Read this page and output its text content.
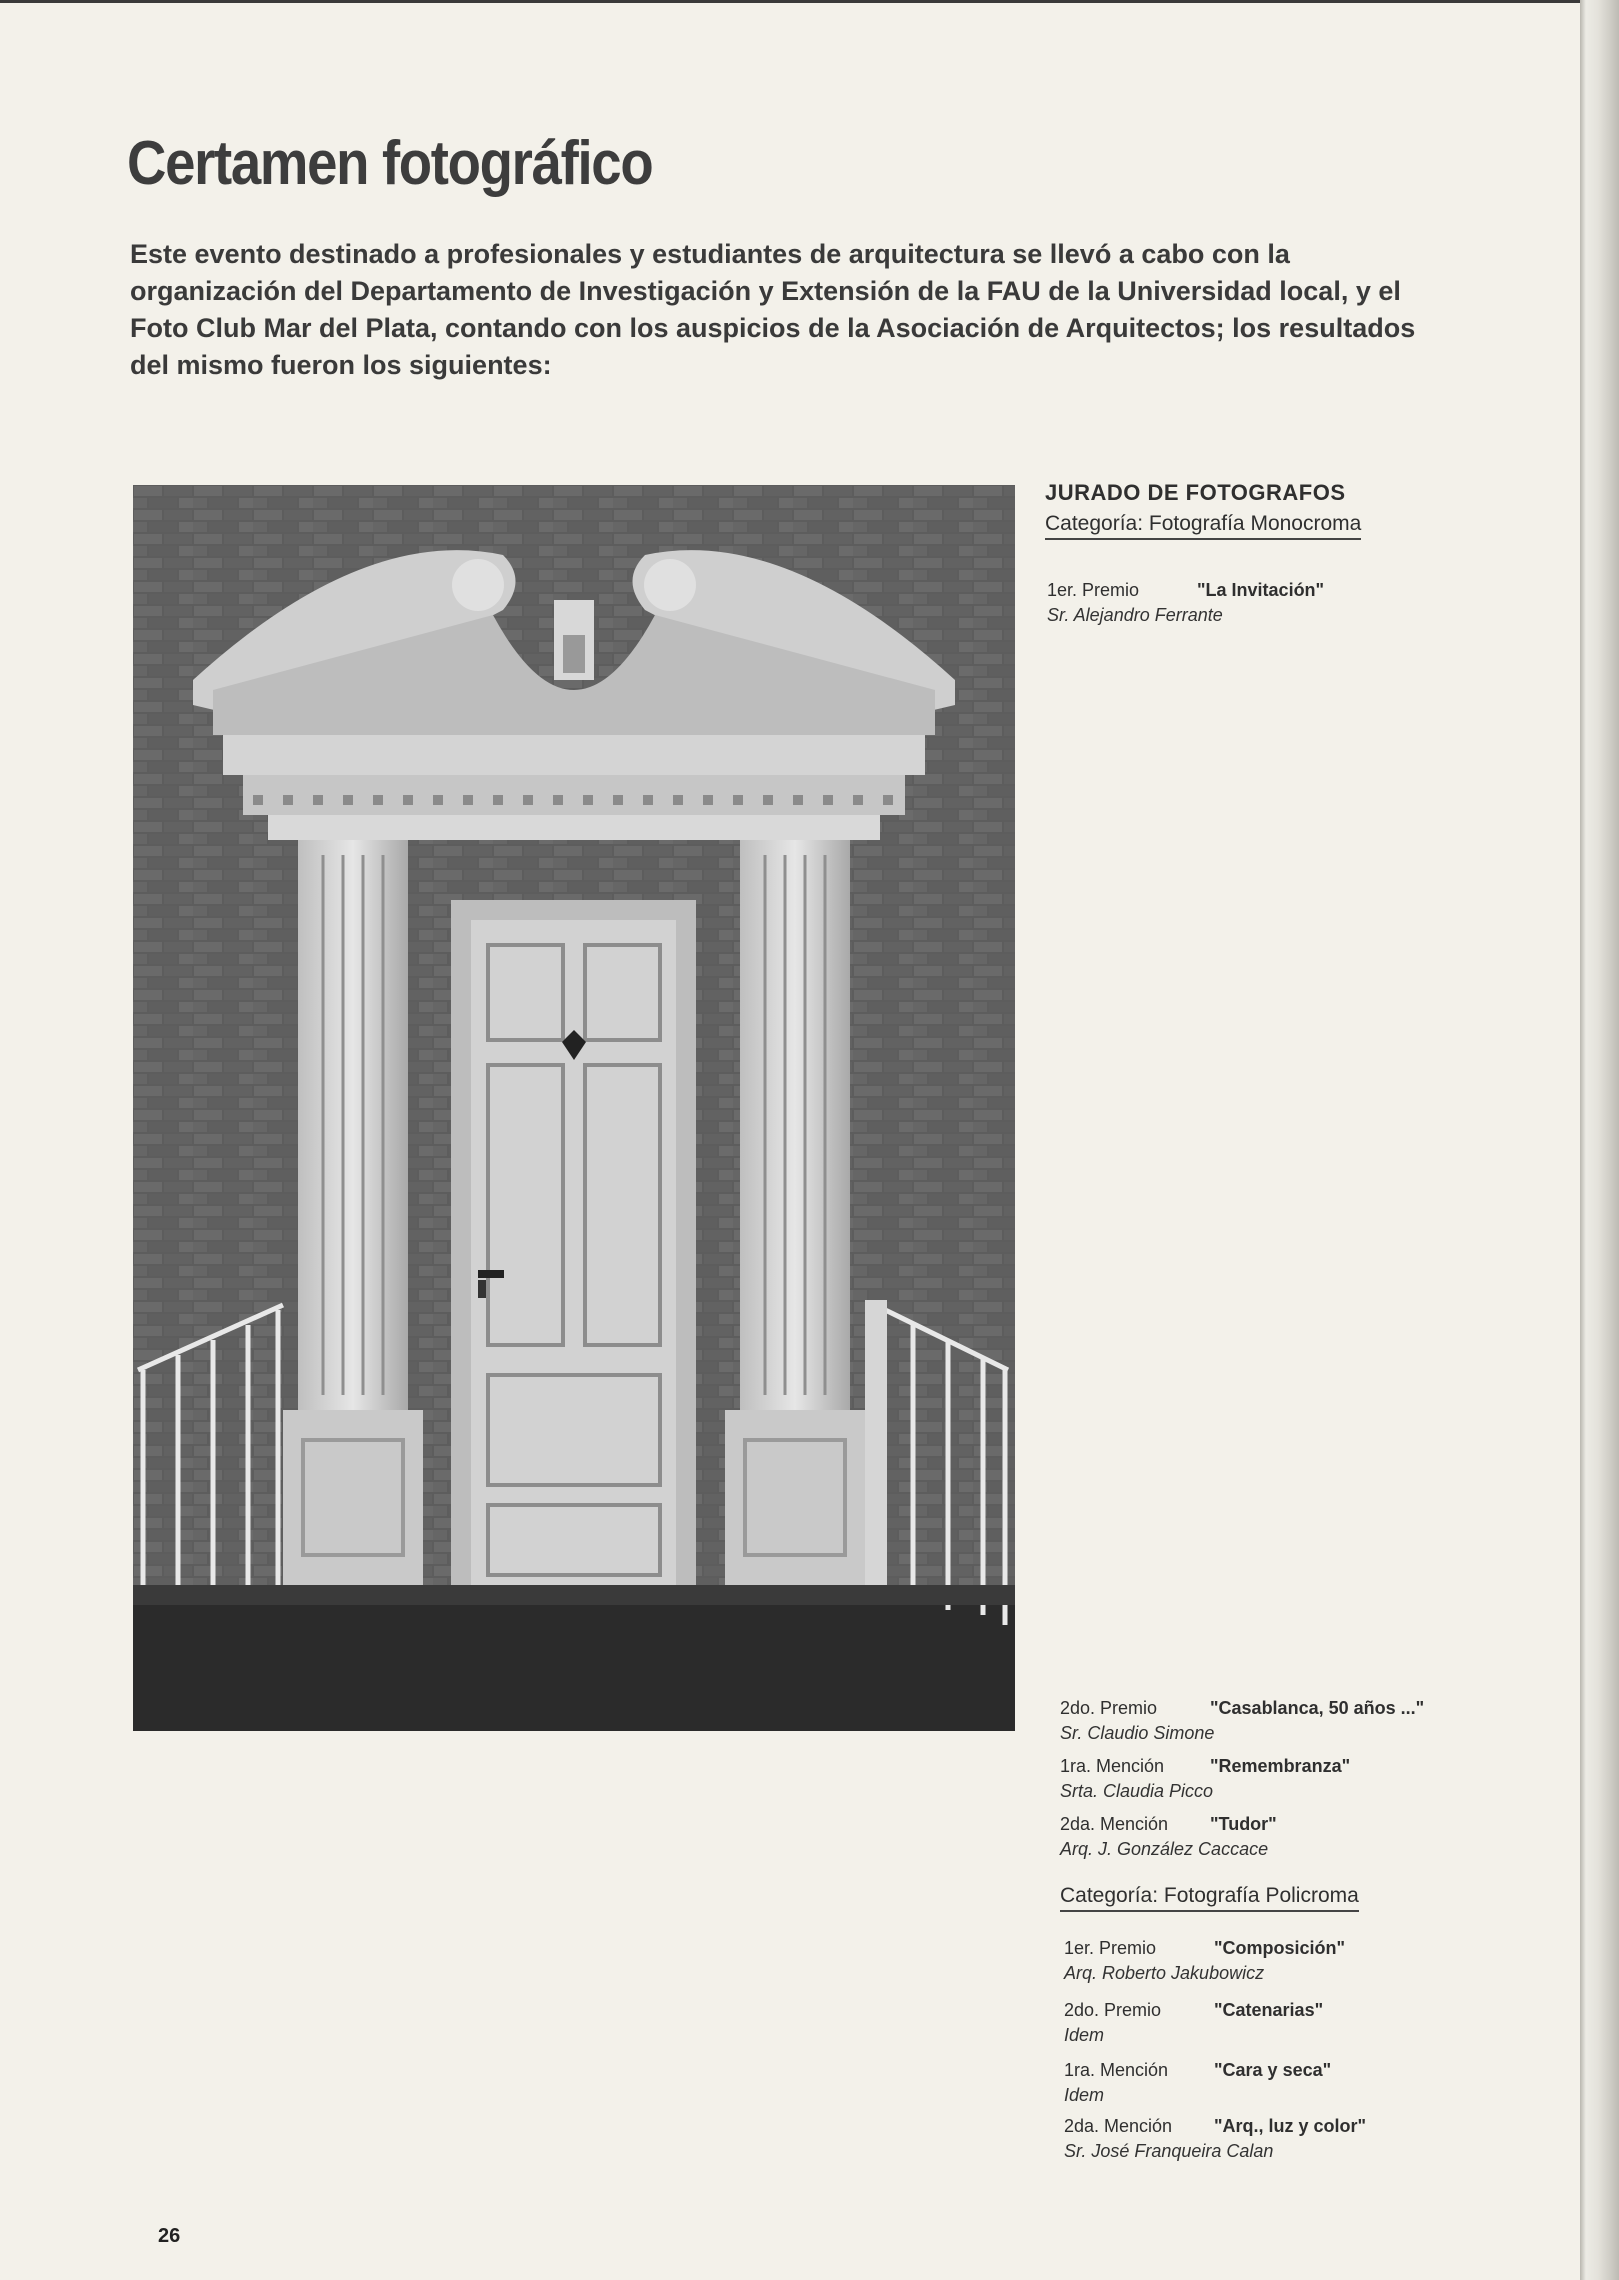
Certamen fotográfico

Este evento destinado a profesionales y estudiantes de arquitectura se llevó a cabo con la organización del Departamento de Investigación y Extensión de la FAU de la Universidad local, y el Foto Club Mar del Plata, contando con los auspicios de la Asociación de Arquitectos; los resultados del mismo fueron los siguientes:

JURADO DE FOTOGRAFOS

Categoría: Fotografía Monocroma
1er. Premio	"La Invitación"
Sr. Alejandro Ferrante
2do. Premio	"Casablanca, 50 años ..."
Sr. Claudio Simone
1ra. Mención	"Remembranza"
Srta. Claudia Picco
2da. Mención "Tudor"
Arq. J. González Caccace
Categoría: Fotografía Policroma
1er. Premio	"Composición"
Arq. Roberto Jakubowicz
2do. Premio	"Catenarias"
Idem
1ra. Mención	"Cara y seca"
Idem
2da. Mención "Arq., luz y color"
Sr. José Franqueira Calan
26
